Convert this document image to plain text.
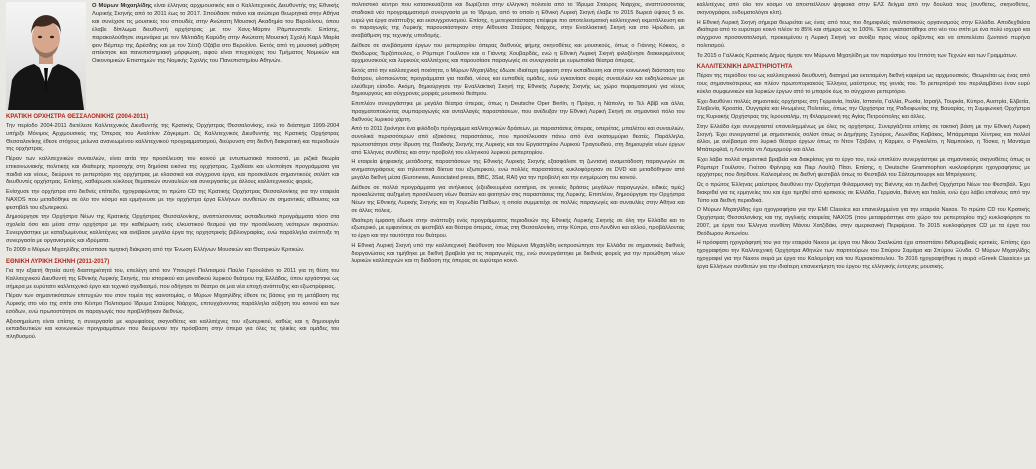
Ο Μύρων Μιχαηλίδης είναι έλληνας αρχιμουσικός και ο Καλλιτεχνικός Διευθυντής της Εθνικής Λυρικής Σκηνής από το 2011 έως το 2017. Σπούδασε πιάνο και ανώτερα θεωρητικά στην Αθήνα και συνέχισε τις μουσικές του σπουδές στην Ανώτατη Μουσική Ακαδημία του Βερολίνου, όπου έλαβε δίπλωμα διευθυντή ορχήστρας με τον Χανς-Μάρτιν Ράμπενσταϊν. Επίσης, παρακολούθησε σεμινάρια με τον Μιλτιάδη Καρύδη στην Ανώτατη Μουσική Σχολή Καρλ Μαρία φον Βέμπερ της Δρέσδης και με τον Σέιτζι Οζάβα στο Βερολίνο. Εκτός από τη μουσική μάθηση απέκτησε και πανεπιστημιακή μόρφωση, αφού είναι πτυχιούχος του Τμήματος Νομικών και Οικονομικών Επιστημών της Νομικής Σχολής του Πανεπιστημίου Αθηνών.

ΚΡΑΤΙΚΗ ΟΡΧΗΣΤΡΑ ΘΕΣΣΑΛΟΝΙΚΗΣ (2004-2011)

Την περίοδο 2004-2011 διετέλεσε Καλλιτεχνικός Διευθυντής της Κρατικής Ορχήστρας Θεσσαλονίκης, ενώ το διάστημα 1999-2004 υπήρξε Μόνιμος Αρχιμουσικός της Όπερας του Αναλτίνιν Ζάγκρεμπ. Ως Καλλιτεχνικός Διευθυντής της Κρατικής Ορχήστρας Θεσσαλονίκης έθεσε στόχους μείωνα ανανεωμένου καλλιτεχνικού προγραμματισμού, διεύρυνση στη διεθνή διακρατική και περιοδειών της ορχήστρας.

Πέραν των καλλιτεχνικών συναυλιών, είναι αιτία την προσέλευση του κοινού με εντυπωσιακά ποσοστά, με ριζικά θεωρία επικοινωνιακής πολιτικής και ιδιαίτερης προσοχής στη δημόσια εικόνα της ορχήστρας. Σχεδίασε και υλοποίησε προγράμματα για παιδιά και νέους, διεύρυνε το ρεπερτόριο της ορχήστρας με κλασσικά και σύγχρονα έργα, και προσκάλεσε σημαντικούς σολίστ και διευθυντές ορχήστρας. Επίσης, καθιέρωσε κύκλους θεματικών συναυλιών και συνεργασίες με άλλους καλλιτεχνικούς φορείς.

Ενίσχυσε την ορχήστρα στο διεθνές επίπεδο, ηχογραφώντας το πρώτο CD της Κρατικής Ορχήστρας Θεσσαλονίκης για την εταιρεία NAXOS που μεταδόθηκε σε όλο τον κόσμο και ερμήνευσε με την ορχήστρα έργα Ελλήνων συνθετών σε σημαντικές αίθουσες και φεστιβάλ του εξωτερικού.

Δημιούργησε την Ορχήστρα Νέων της Κρατικής Ορχήστρας Θεσσαλονίκης, αναπτύσσοντας εκπαιδευτικά προγράμματα τόσο στα σχολεία όσο και μέσα στην ορχήστρα με την καθιέρωση ενός ελκυστικού θεσμού για την προσέλκυση νεότερων ακροατών. Συνεργάστηκε με καταξιωμένους καλλιτέχνες και ανέβασε μεγάλα έργα της ορχηστρικής βιβλιογραφίας, ενώ παράλληλα ανέπτυξε τη συνεργασία με οργανισμούς και ιδρύματα.

Το 2009 ο Μύρων Μιχαηλίδης απέσπασε τιμητική διάκριση από την Ένωση Ελλήνων Μουσικών και Θεατρικών Κριτικών.

ΕΘΝΙΚΗ ΛΥΡΙΚΗ ΣΚΗΝΗ (2011-2017)

Για την εξαετή θητεία αυτή διαστηριότητά του, επελέγη από τον Υπουργό Πολιτισμού Παύλο Γερουλάνο το 2011 για τη θέση του Καλλιτεχνικού Διευθυντή της Εθνικής Λυρικής Σκηνής, του ιστορικού και μοναδικού λυρικού θεάτρου της Ελλάδας, όπου εργάστηκε ως σήμερα με ευρύτατο καλλιτεχνικό έργο και τεχνικό σχεδιασμό, που οδήγησε το θέατρο σε μια νέα εποχή ανάπτυξης και εξωστρέφειας.

Πέραν των σημαντικότατων επιτυχιών του στον τομέα της καινοτομίας, ο Μύρων Μιχαηλίδης έθεσε τις βάσεις για τη μετάβαση της Λυρικής στο νέο της σπίτι στο Κέντρο Πολιτισμού Ίδρυμα Σταύρος Νιάρχος, επιτυγχάνοντας παράλληλα αύξηση του κοινού και των εσόδων, ενώ πρωτοστάτησε σε παραγωγές που προβλήθηκαν διεθνώς.

Αξιοσημείωτη είναι επίσης η συνεργασία με κορυφαίους σκηνοθέτες και καλλιτέχνες του εξωτερικού, καθώς και η δημιουργία εκπαιδευτικών και κοινωνικών προγραμμάτων που διεύρυναν την πρόσβαση στην όπερα για όλες τις ηλικίες και ομάδες του πληθυσμού.

πολιτιστικό κέντρο που κατασκευάζεται και δωρίζεται στην ελληνική πολιτεία από το Ίδρυμα Σταύρος Νιάρχος, αναπτύσσοντας σταδιακά νέο προγραμματισμό συνεργασία με το Ίδρυμα, από το οποίο η Εθνική Λυρική Σκηνή έλαβε το 2015 δωρεά ύψους 5 εκ. ευρώ για έργα ανάπτυξης και εκσυγχρονισμού. Επίσης, η μετεγκατάσταση επέφερε πιο αποτελεσματική καλλιτεχνική εκμετάλλευση και οι παραγωγές της Λυρικής παρουσιάστηκαν στην Αίθουσα Σταύρος Νιάρχος, στην Εναλλακτική Σκηνή και στο Ηρώδειο, με αναβάθμιση της τεχνικής υποδομής.

Διέθεσε σε ανεβάσματα έργων του ρεπερτορίου όπερας διεθνούς φήμης σκηνοθέτες και μουσικούς, όπως ο Γιάννης Κόκκος, ο Θεόδωρος Τερζόπουλος, ο Ρόμπερτ Γουίλσον και ο Γιάννης Χουβαρδάς, ενώ η Εθνική Λυρική Σκηνή φιλοξένησε διακεκριμένους αρχιμουσικούς και λυρικούς καλλιτέχνες και παρουσίασε παραγωγές σε συνεργασία με ευρωπαϊκά θέατρα όπερας.

Εκτός από την καλλιτεχνική ποιότητα, ο Μύρων Μιχαηλίδης έδωσε ιδιαίτερη έμφαση στην εκπαίδευση και στην κοινωνική διάσταση του θεάτρου, υλοποιώντας προγράμματα για παιδιά, νέους και ευπαθείς ομάδες, ενώ εγκαινίασε σειρές συναυλιών και εκδηλώσεων με ελεύθερη είσοδο. Ακόμη, δημιούργησε την Εναλλακτική Σκηνή της Εθνικής Λυρικής Σκηνής ως χώρο πειραματισμού για νέους δημιουργούς και σύγχρονες μορφές μουσικού θεάτρου.

Επιπλέον συνεργάστηκε με μεγάλα θέατρα όπερας, όπως η Deutsche Oper Berlin, η Πράγα, η Νάπολη, το Τελ Αβίβ και άλλα, πραγματοποιώντας συμπαραγωγές και ανταλλαγές παραστάσεων, που ανέδειξαν την Εθνική Λυρική Σκηνή σε σημαντικό πόλο του διεθνούς λυρικού χάρτη.

Από το 2011 ξεκίνησε ένα φιλόδοξο πρόγραμμα καλλιτεχνικών δράσεων, με παραστάσεις όπερας, οπερέτας, μπαλέτου και συναυλιών, συνολικά περισσότερων από εξακόσιες παραστάσεις, που προσέλκυσαν πάνω από ένα εκατομμύριο θεατές. Παράλληλα, πρωτοστάτησε στην ίδρυση της Παιδικής Σκηνής της Λυρικής και του Εργαστηρίου Λυρικού Τραγουδιού, στη δημιουργία νέων έργων από Έλληνες συνθέτες και στην προβολή του ελληνικού λυρικού ρεπερτορίου.

Η εταιρεία ψηφιακής μετάδοσης παραστάσεων της Εθνικής Λυρικής Σκηνής εξασφάλισε τη ζωντανή αναμετάδοση παραγωγών σε κινηματογράφους και τηλεοπτικά δίκτυα του εξωτερικού, ενώ πολλές παραστάσεις κυκλοφόρησαν σε DVD και μεταδόθηκαν από μεγάλα διεθνή μέσα (Euronews, Associated press, BBC, 3Sat, RAI) για την προβολή και την ενημέρωση του κοινού.

Διέθεσε σε πολλά προγράμματα για ανήλικους (εξειδικευμένα εισιτήρια, σε γενικές δράσεις μεγάλων παραγωγών, ειδικές τιμές) προκαλώντας αυξημένη προσέλευση νέων θεατών και φοιτητών στις παραστάσεις της Λυρικής. Επιπλέον, δημιούργησε την Ορχήστρα Νέων της Εθνικής Λυρικής Σκηνής και τη Χορωδία Παίδων, η οποία συμμετείχε σε πολλές παραγωγές και συναυλίες στην Αθήνα και σε άλλες πόλεις.

Ιδιαίτερη έμφαση έδωσε στην ανάπτυξη ενός προγράμματος περιοδειών της Εθνικής Λυρικής Σκηνής σε όλη την Ελλάδα και το εξωτερικό, με εμφανίσεις σε φεστιβάλ και θέατρα όπερας, όπως στη Θεσσαλονίκη, στην Κύπρο, στο Λονδίνο και αλλού, προβάλλοντας το έργο και την ταυτότητα του θεάτρου.

Η Εθνική Λυρική Σκηνή υπό την καλλιτεχνική διεύθυνση του Μύρωνα Μιχαηλίδη εκπροσώπησε την Ελλάδα σε σημαντικές διεθνείς διοργανώσεις και τιμήθηκε με διεθνή βραβεία για τις παραγωγές της, ενώ συνεργάστηκε με διεθνείς φορείς για την προώθηση νέων λυρικών καλλιτεχνών και τη διάδοση της όπερας σε ευρύτερο κοινό.

καλλιτέχνες από όλο τον κόσμο να αποστείλλουν ψηφιακά στην ΕΛΣ δείγμα από την δουλειά τους (συνθέτες, σκηνοθέτες, σκηνογράφοι, ενδυματολόγοι κλπ).

Η Εθνική Λυρική Σκηνή σήμερα θεωρείται ως ένας από τους πιο δημοφιλείς πολιτιστικούς οργανισμούς στην Ελλάδα. Αποδεχθείσα ιδιαίτερα από το ευρύτερο κοινό πλέον το 85% και σήμερα ως το 100%. Έτσι εγκαταστάθηκε στο νέο του σπίτι με ένα πολύ ισχυρό και σύγχρονο προσανατολισμό, προκειμένου η Λυρική Σκηνή να ανοίξει προς νέους ορίζοντες και να αποτελέσει ζωντανό πυρήνα πολιτισμού.

Το 2015 ο Γαλλικός Κρατικός Δήμος τίμησε τον Μύρωνα Μιχαηλίδη με τον παράσημο του Ιππότη των Τεχνών και των Γραμμάτων.

ΚΑΛΛΙΤΕΧΝΙΚΗ ΔΡΑΣΤΗΡΙΟΤΗΤΑ

Πέραν της περιόδου του ως καλλιτεχνικού διευθυντή, διατηρεί μια εκτεταμένη διεθνή καριέρα ως αρχιμουσικός. Θεωρείται ως ένας από τους σημαντικότερους και πλέον πρωτοποριακούς Έλληνες μαέστρους της γενιάς του. Το ρεπερτόριό του περιλαμβάνει έναν ευρύ κύκλο συμφωνικών και λυρικών έργων από το μπαρόκ έως το σύγχρονο ρεπερτόριο.

Έχει διευθύνει πολλές σημαντικές ορχήστρες στη Γερμανία, Ιταλία, Ισπανία, Γαλλία, Ρωσία, Ισραήλ, Τουρκία, Κύπρο, Αυστρία, Ελβετία, Σλοβενία, Κροατία, Ουγγαρία και Ηνωμένες Πολιτείες, όπως την Ορχήστρα της Ραδιοφωνίας της Βαυαρίας, τη Συμφωνική Ορχήστρα της Κυριακής Ορχήστρας της Ιερουσαλήμ, τη Φιλαρμονική της Αγίας Πετρούπολης και άλλες.

Στην Ελλάδα έχει συνεργαστεί επανειλημμένως με όλες τις ορχήστρες. Συνεργάζεται επίσης σε τακτική βάση με την Εθνική Λυρική Σκηνή. Έχει συνεργαστεί με σημαντικούς σολίστ όπως οι Δημήτρης Σγούρος, Λεωνίδας Καβάκος, Μπάρμπαρα Χέντρικς και πολλοί άλλοι, με ανέβασμα στο λυρικό θέατρο έργων όπως το Ντον Τζοβάνι, η Κάρμεν, ο Ριγκολέτο, η Ναμπούκο, η Τόσκα, η Μαντάμα Μπάτερφλαϊ, η Λουτσία ντι Λαμερμούρ και άλλα.

Έχει λάβει πολλά σημαντικά βραβεία και διακρίσεις για το έργο του, ενώ επιπλέον συνεργάστηκε με σημαντικούς σκηνοθέτες όπως οι Ρόμπερτ Γουίλσον, Γκέτσο Φρίντριχ και Πιερ Λουίτζι Πίτσι. Επίσης, η Deutsche Grammophon κυκλοφόρησε ηχογραφήσεις με ορχήστρες που διηύθυνε. Καλεσμένος σε διεθνή φεστιβάλ όπως το Φεστιβάλ του Σάλτσμπουργκ και Μπρέγκεντς.

Ως ο πρώτος Έλληνας μαέστρος διευθύνει την Ορχήστρα Φιλαρμονική της Βιέννης και τη Διεθνή Ορχήστρα Νέων του Φεστιβάλ. Έχει διακριθεί για τις ερμηνείες του και έχει τιμηθεί από κριτικούς σε Ελλάδα, Γερμανία, Βιέννη και Ιταλία, ενώ έχει λάβει επαίνους από την Τύπο και διεθνή περιοδικά.

Ο Μύρων Μιχαηλίδης έχει ηχογραφήσει για την EMI Classics και επανειλημμένα για την εταιρεία Naxos. Το πρώτο CD του Κρατικής Ορχήστρας Θεσσαλονίκης και της αγγλικής εταιρείας NAXOS (που μεταφράστηκε στο χώρο του ρεπερτορίου της) κυκλοφόρησε το 2007, με έργα του Έλληνα συνθέτη Μάνου Χατζιδάκι, στην αμερικανική Περιφέρεια. Το 2015 κυκλοφόρησε CD με τα έργα του Θεόδωρου Αντωνίου.

Η πρόσφατη ηχογράφησή του για την εταιρεία Naxos με έργα του Νίκου Σκαλκώτα έχει αποσπάσει διθυραμβικές κριτικές. Επίσης έχει ηχογραφήσει την Καλλιτεχνική Ορχήστρα Αθηνών των παρτιτούρων του Σπύρου Σαμάρα και Σπύρου Ξύνδα. Ο Μύρων Μιχαηλίδης ηχογραφεί για την Naxos σειρά με έργα του Καλομοίρη και του Κυριακόπουλου. Το 2016 ηχογραφήθηκε η σειρά «Greek Classics» με έργα Ελλήνων συνθετών για την ιδιαίτερη επανεκτίμηση του έργου της ελληνικής έντεχνης μουσικής.
